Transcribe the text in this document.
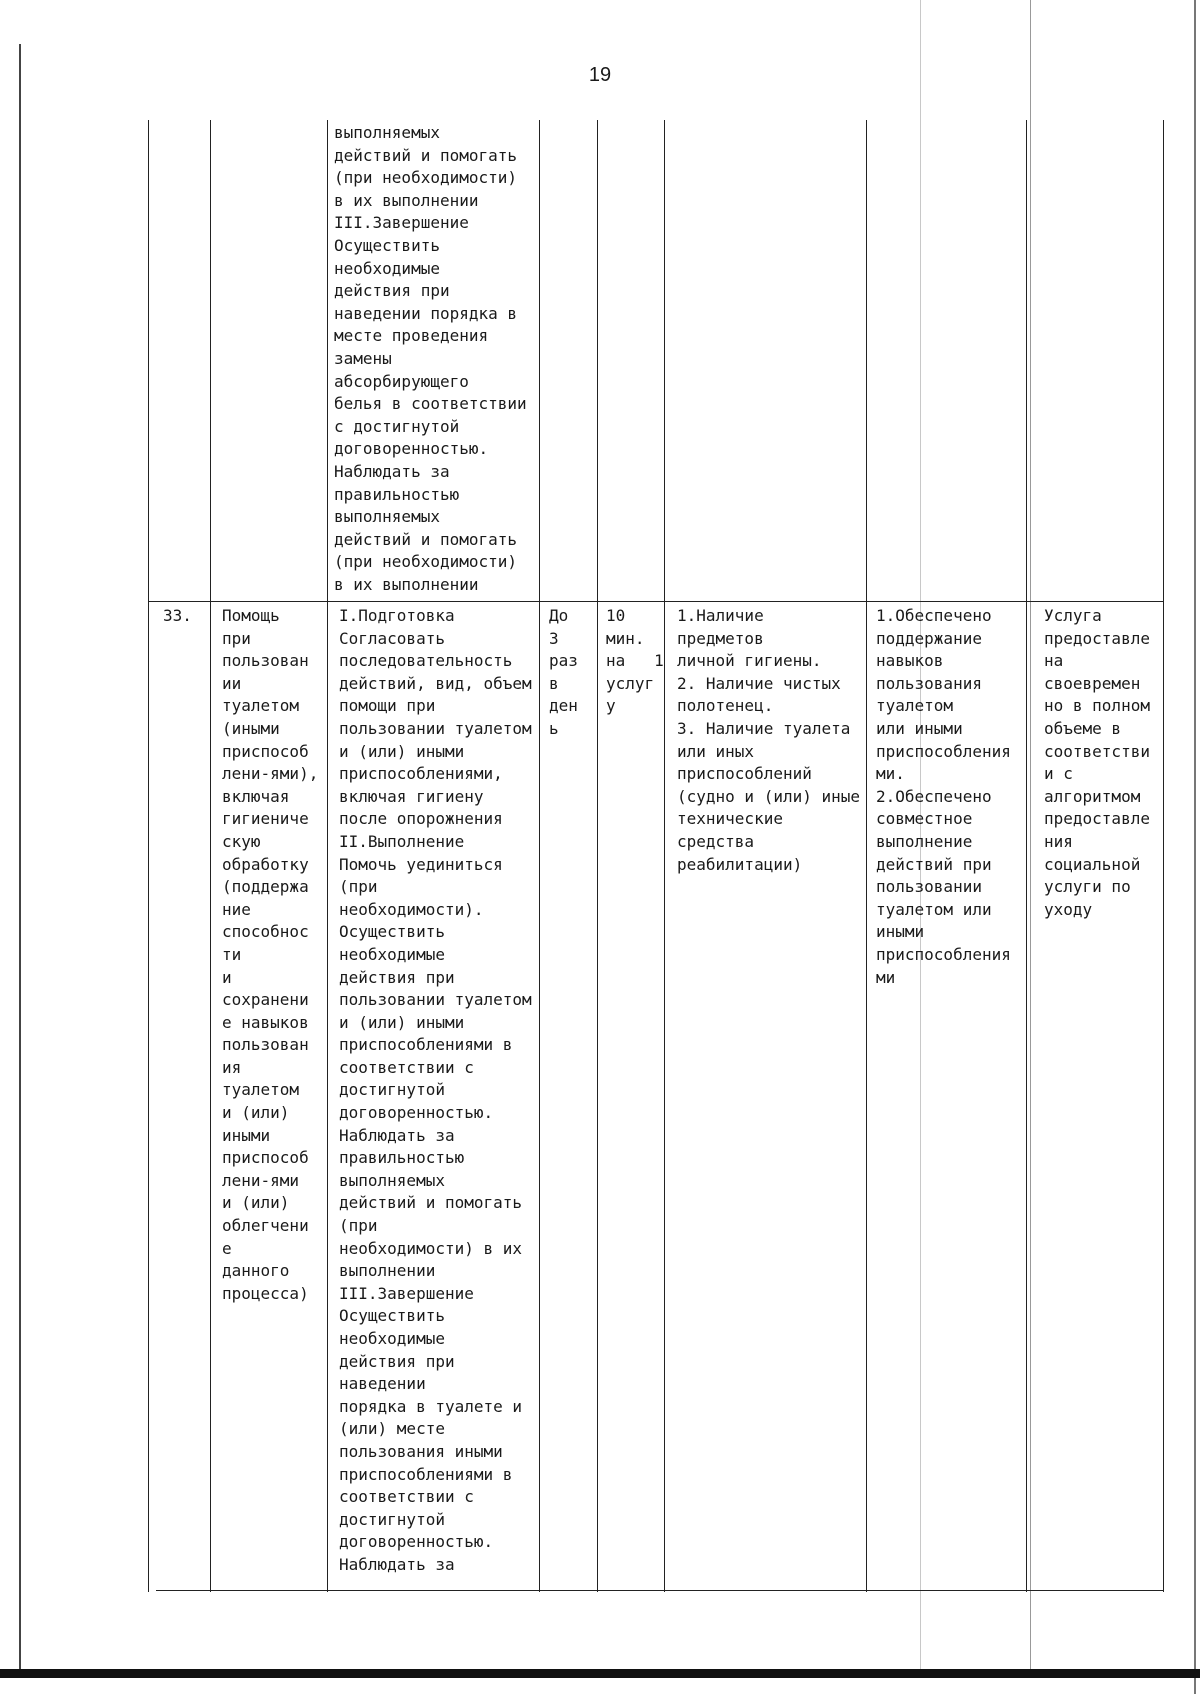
19
выполняемых
действий и помогать
(при необходимости)
в их выполнении
III.Завершение
Осуществить
необходимые
действия при
наведении порядка в
месте проведения
замены
абсорбирующего
белья в соответствии
с достигнутой
договоренностью.
Наблюдать за
правильностью
выполняемых
действий и помогать
(при необходимости)
в их выполнении
33. Помощь
при
пользован
ии
туалетом
(иными
приспособ
лени-ями),
включая
гигиениче
скую
обработку
(поддержа
ние
способнос
ти
и
сохранени
е навыков
пользован
ия
туалетом
и (или)
иными
приспособ
лени-ями
и (или)
облегчени
е
данного
процесса)
I.Подготовка
Согласовать
последовательность
действий, вид, объем
помощи при
пользовании туалетом
и (или) иными
приспособлениями,
включая гигиену
после опорожнения
II.Выполнение
Помочь уединиться
(при
необходимости).
Осуществить
необходимые
действия при
пользовании туалетом
и (или) иными
приспособлениями в
соответствии с
достигнутой
договоренностью.
Наблюдать за
правильностью
выполняемых
действий и помогать
(при
необходимости) в их
выполнении
III.Завершение
Осуществить
необходимые
действия при
наведении
порядка в туалете и
(или) месте
пользования иными
приспособлениями в
соответствии с
достигнутой
договоренностью.
Наблюдать за
До
3
раз
в
ден
ь
10
мин.
на   1
услуг
у
1.Наличие
предметов
личной гигиены.
2. Наличие чистых
полотенец.
3. Наличие туалета
или иных
приспособлений
(судно и (или) иные
технические
средства
реабилитации)
1.Обеспечено
поддержание
навыков
пользования
туалетом
или иными
приспособления
ми.
2.Обеспечено
совместное
выполнение
действий при
пользовании
туалетом или
иными
приспособления
ми
Услуга
предоставле
на
своевремен
но в полном
объеме в
соответстви
и с
алгоритмом
предоставле
ния
социальной
услуги по
уходу
